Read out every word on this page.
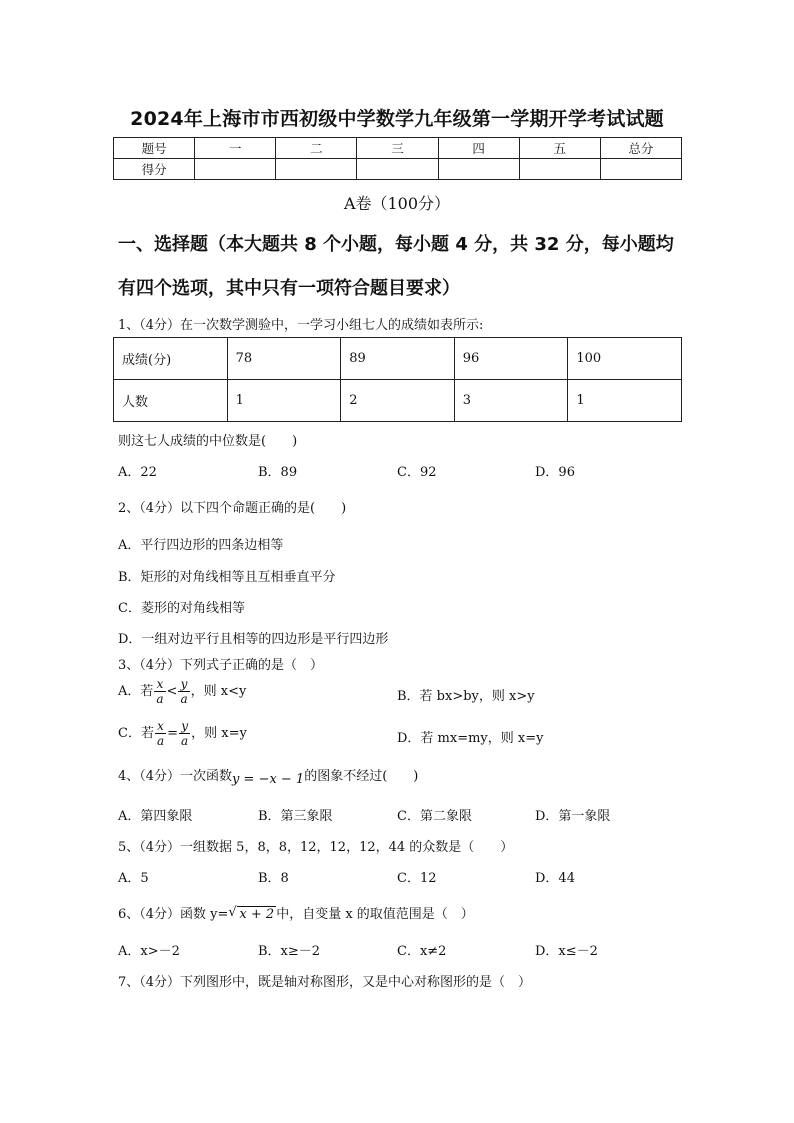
2024年上海市市西初级中学数学九年级第一学期开学考试试题
题号	一	二	三	四	五	总分
得分						
A卷（100分）
一、选择题（本大题共 8 个小题，每小题 4 分，共 32 分，每小题均
有四个选项，其中只有一项符合题目要求）
1、（4分）在一次数学测验中，一学习小组七人的成绩如表所示:
成绩(分)	78	89	96	100
人数	1	2	3	1
则这七人成绩的中位数是(　　)
A．22	B．89	C．92	D．96
2、（4分）以下四个命题正确的是(　　)
A．平行四边形的四条边相等
B．矩形的对角线相等且互相垂直平分
C．菱形的对角线相等
D．一组对边平行且相等的四边形是平行四边形
3、（4分）下列式子正确的是（　）
A．若 $\frac{x}{a} < \frac{y}{a}$ ，则 x<y	B．若 bx>by，则 x>y
C．若 $\frac{x}{a} = \frac{y}{a}$ ，则 x=y	D．若 mx=my，则 x=y
4、（4分）一次函数y = −x − 1的图象不经过(　　)
A．第四象限	B．第三象限	C．第二象限	D．第一象限
5、（4分）一组数据 5，8，8，12，12，12，44 的众数是（　　）
A．5	B．8	C．12	D．44
6、（4分）函数 y= √ x + 2 中，自变量 x 的取值范围是（　）
A．x>－2	B．x≥－2	C．x≠2	D．x≤－2
7、（4分）下列图形中，既是轴对称图形，又是中心对称图形的是（　）
